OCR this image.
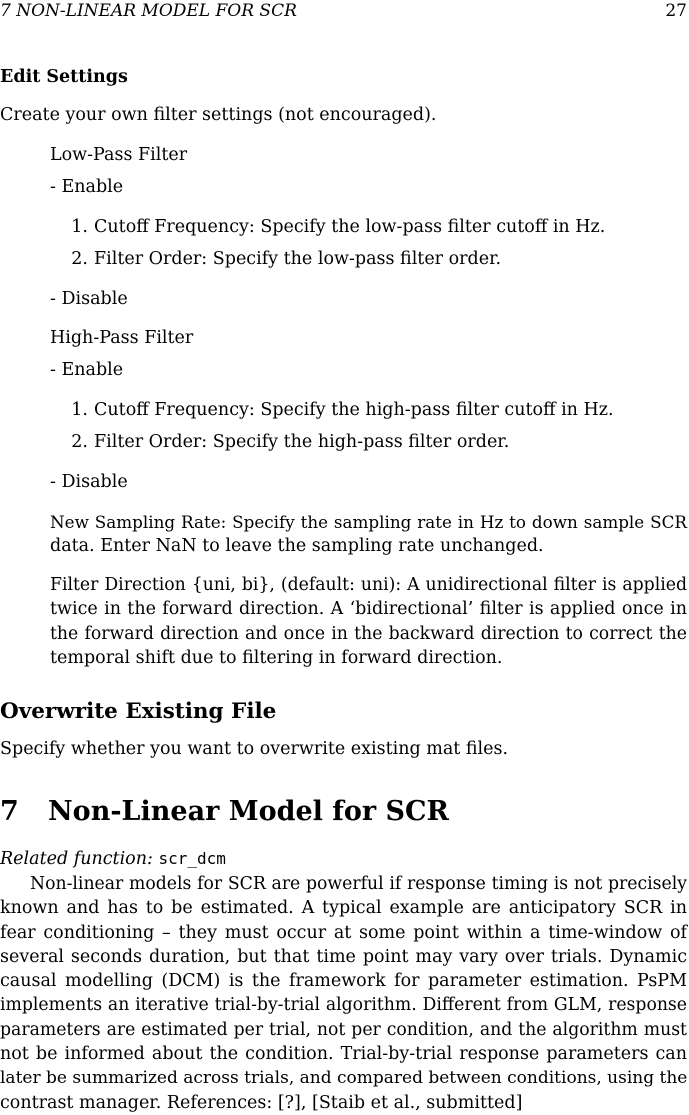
7 NON-LINEAR MODEL FOR SCR	27
Edit Settings
Create your own filter settings (not encouraged).
Low-Pass Filter
- Enable
1. Cutoff Frequency: Specify the low-pass filter cutoff in Hz.
2. Filter Order: Specify the low-pass filter order.
- Disable
High-Pass Filter
- Enable
1. Cutoff Frequency: Specify the high-pass filter cutoff in Hz.
2. Filter Order: Specify the high-pass filter order.
- Disable
New Sampling Rate: Specify the sampling rate in Hz to down sample SCR
data. Enter NaN to leave the sampling rate unchanged.
Filter Direction {uni, bi}, (default: uni): A unidirectional filter is applied
twice in the forward direction. A ‘bidirectional’ filter is applied once in
the forward direction and once in the backward direction to correct the
temporal shift due to filtering in forward direction.
Overwrite Existing File
Specify whether you want to overwrite existing mat files.
7 Non-Linear Model for SCR
Related function: scr_dcm
Non-linear models for SCR are powerful if response timing is not precisely
known and has to be estimated. A typical example are anticipatory SCR in
fear conditioning – they must occur at some point within a time-window of
several seconds duration, but that time point may vary over trials. Dynamic
causal modelling (DCM) is the framework for parameter estimation. PsPM
implements an iterative trial-by-trial algorithm. Different from GLM, response
parameters are estimated per trial, not per condition, and the algorithm must
not be informed about the condition. Trial-by-trial response parameters can
later be summarized across trials, and compared between conditions, using the
contrast manager. References: [?], [Staib et al., submitted]
